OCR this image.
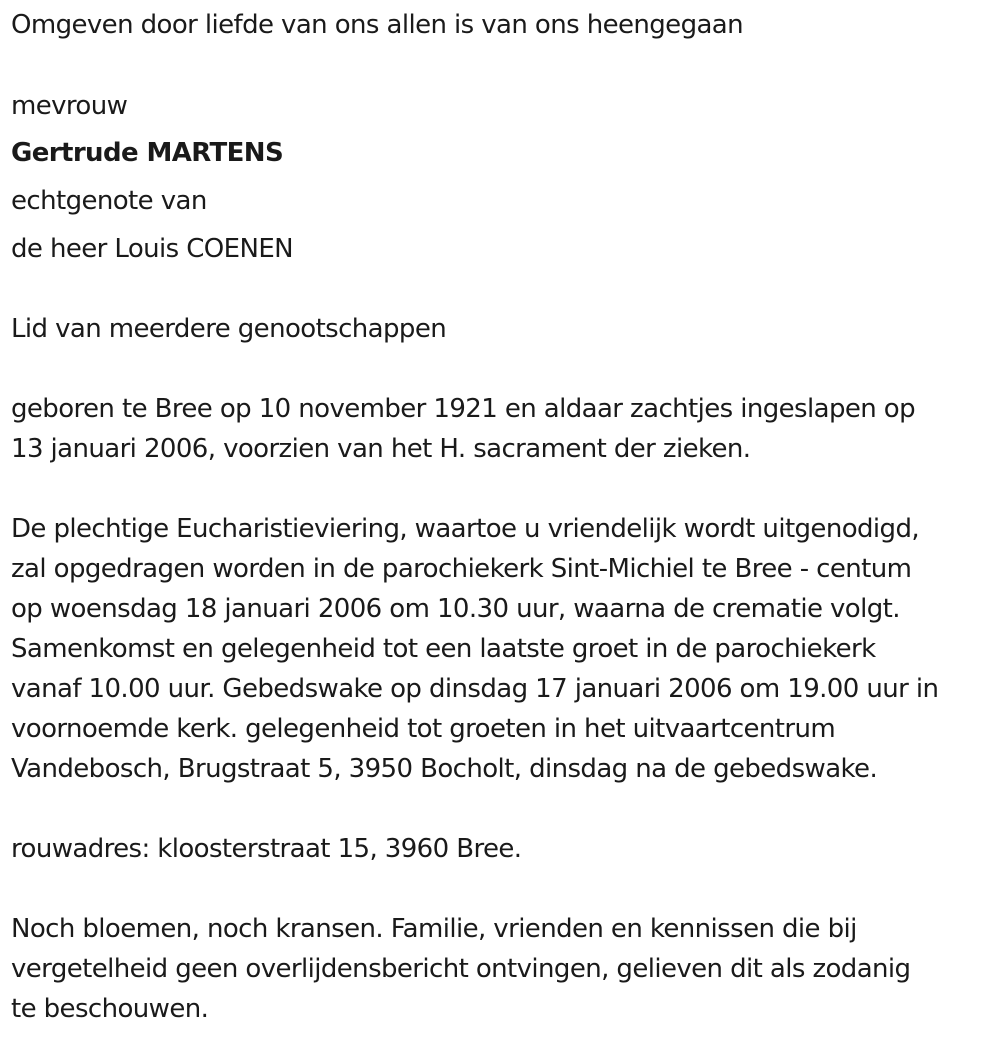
Omgeven door liefde van ons allen is van ons heengegaan
mevrouw
Gertrude MARTENS
echtgenote van
de heer Louis COENEN
Lid van meerdere genootschappen
geboren te Bree op 10 november 1921 en aldaar zachtjes ingeslapen op
13 januari 2006, voorzien van het H. sacrament der zieken.
De plechtige Eucharistieviering, waartoe u vriendelijk wordt uitgenodigd,
zal opgedragen worden in de parochiekerk Sint-Michiel te Bree - centum
op woensdag 18 januari 2006 om 10.30 uur, waarna de crematie volgt.
Samenkomst en gelegenheid tot een laatste groet in de parochiekerk
vanaf 10.00 uur. Gebedswake op dinsdag 17 januari 2006 om 19.00 uur in
voornoemde kerk. gelegenheid tot groeten in het uitvaartcentrum
Vandebosch, Brugstraat 5, 3950 Bocholt, dinsdag na de gebedswake.
rouwadres: kloosterstraat 15, 3960 Bree.
Noch bloemen, noch kransen. Familie, vrienden en kennissen die bij
vergetelheid geen overlijdensbericht ontvingen, gelieven dit als zodanig
te beschouwen.
